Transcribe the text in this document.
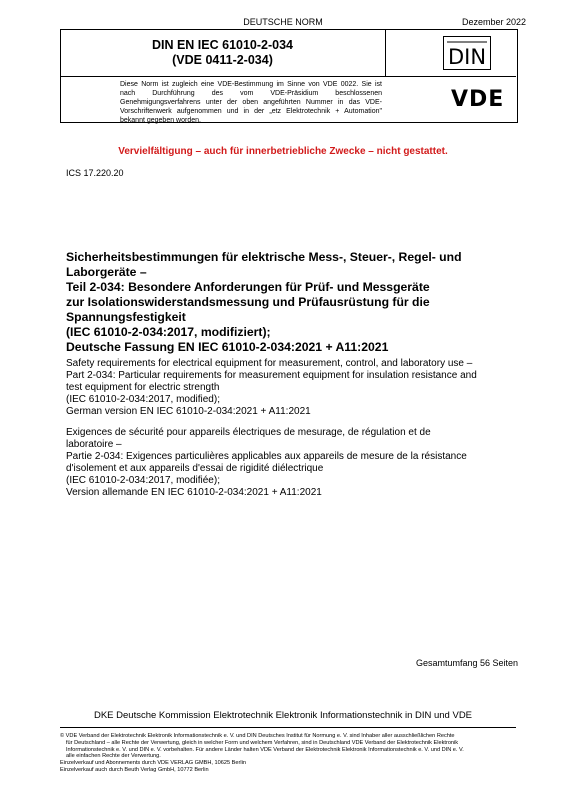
DEUTSCHE NORM	Dezember 2022
DIN EN IEC 61010-2-034
(VDE 0411-2-034)
Diese Norm ist zugleich eine VDE-Bestimmung im Sinne von VDE 0022. Sie ist nach Durchführung des vom VDE-Präsidium beschlossenen Genehmigungsverfahrens unter der oben angeführten Nummer in das VDE-Vorschriftenwerk aufgenommen und in der „etz Elektrotechnik + Automation" bekannt gegeben worden.
DIN
VDE
Vervielfältigung – auch für innerbetriebliche Zwecke – nicht gestattet.
ICS 17.220.20
Sicherheitsbestimmungen für elektrische Mess-, Steuer-, Regel- und
Laborgeräte –
Teil 2-034: Besondere Anforderungen für Prüf- und Messgeräte
zur Isolationswiderstandsmessung und Prüfausrüstung für die
Spannungsfestigkeit
(IEC 61010-2-034:2017, modifiziert);
Deutsche Fassung EN IEC 61010-2-034:2021 + A11:2021
Safety requirements for electrical equipment for measurement, control, and laboratory use –
Part 2-034: Particular requirements for measurement equipment for insulation resistance and
test equipment for electric strength
(IEC 61010-2-034:2017, modified);
German version EN IEC 61010-2-034:2021 + A11:2021
Exigences de sécurité pour appareils électriques de mesurage, de régulation et de
laboratoire –
Partie 2-034: Exigences particulières applicables aux appareils de mesure de la résistance
d'isolement et aux appareils d'essai de rigidité diélectrique
(IEC 61010-2-034:2017, modifiée);
Version allemande EN IEC 61010-2-034:2021 + A11:2021
Gesamtumfang 56 Seiten
DKE Deutsche Kommission Elektrotechnik Elektronik Informationstechnik in DIN und VDE
© VDE Verband der Elektrotechnik Elektronik Informationstechnik e. V. und DIN Deutsches Institut für Normung e. V. sind Inhaber aller ausschließlichen Rechte
für Deutschland – alle Rechte der Verwertung, gleich in welcher Form und welchem Verfahren, sind in Deutschland VDE Verband der Elektrotechnik Elektronik
Informationstechnik e. V. und DIN e. V. vorbehalten. Für andere Länder halten VDE Verband der Elektrotechnik Elektronik Informationstechnik e. V. und DIN e. V.
alle einfachen Rechte der Verwertung.
Einzelverkauf und Abonnements durch VDE VERLAG GMBH, 10625 Berlin
Einzelverkauf auch durch Beuth Verlag GmbH, 10772 Berlin
